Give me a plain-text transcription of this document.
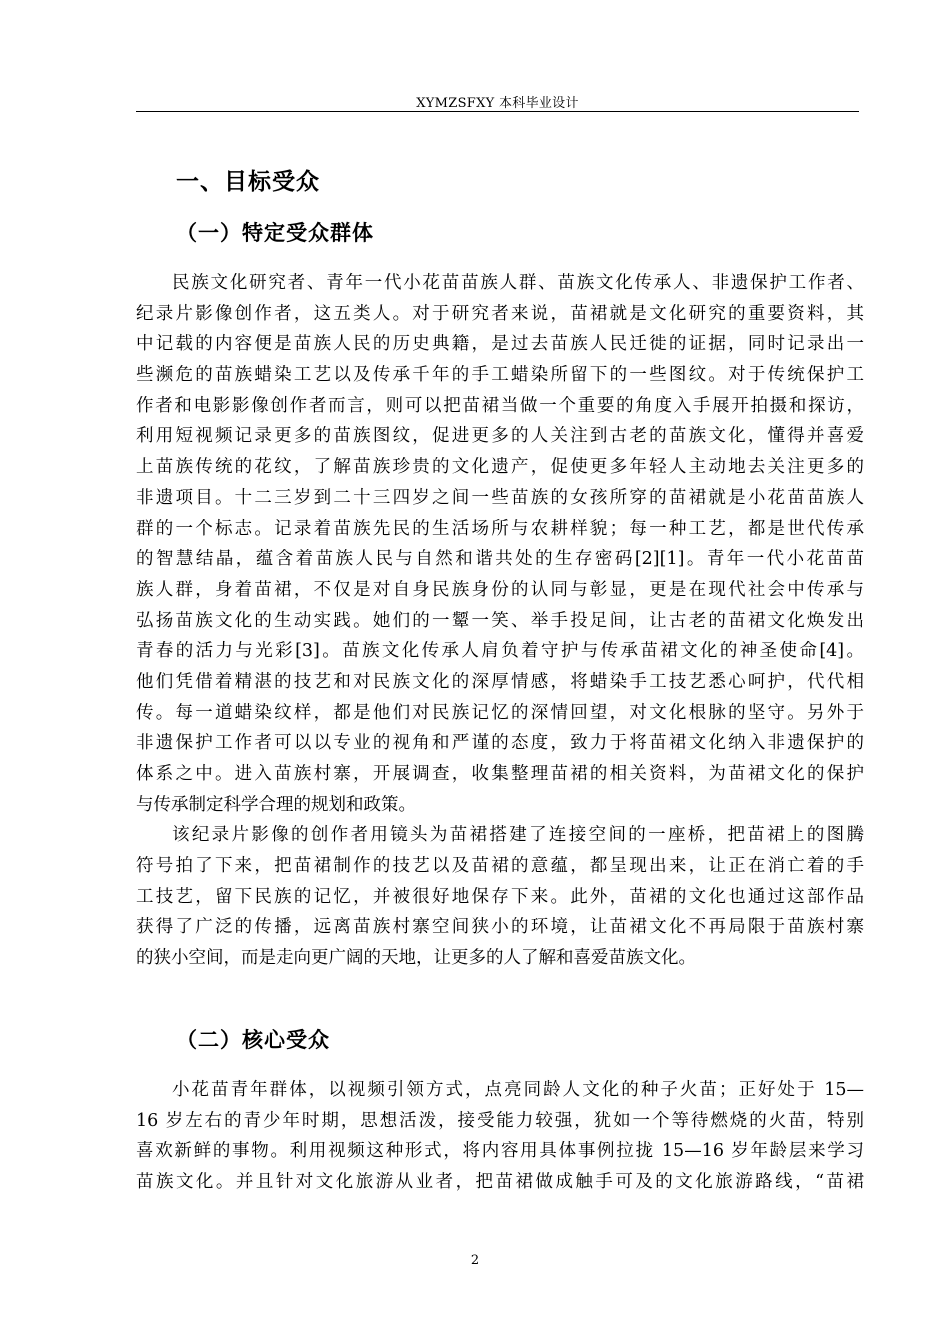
XYMZSFXY 本科毕业设计
一、目标受众
（一）特定受众群体
民族文化研究者、青年一代小花苗苗族人群、苗族文化传承人、非遗保护工作者、
纪录片影像创作者，这五类人。对于研究者来说，苗裙就是文化研究的重要资料，其
中记载的内容便是苗族人民的历史典籍，是过去苗族人民迁徙的证据，同时记录出一
些濒危的苗族蜡染工艺以及传承千年的手工蜡染所留下的一些图纹。对于传统保护工
作者和电影影像创作者而言，则可以把苗裙当做一个重要的角度入手展开拍摄和探访，
利用短视频记录更多的苗族图纹，促进更多的人关注到古老的苗族文化，懂得并喜爱
上苗族传统的花纹，了解苗族珍贵的文化遗产，促使更多年轻人主动地去关注更多的
非遗项目。十二三岁到二十三四岁之间一些苗族的女孩所穿的苗裙就是小花苗苗族人
群的一个标志。记录着苗族先民的生活场所与农耕样貌；每一种工艺，都是世代传承
的智慧结晶，蕴含着苗族人民与自然和谐共处的生存密码[2][1]。青年一代小花苗苗
族人群，身着苗裙，不仅是对自身民族身份的认同与彰显，更是在现代社会中传承与
弘扬苗族文化的生动实践。她们的一颦一笑、举手投足间，让古老的苗裙文化焕发出
青春的活力与光彩[3]。苗族文化传承人肩负着守护与传承苗裙文化的神圣使命[4]。
他们凭借着精湛的技艺和对民族文化的深厚情感，将蜡染手工技艺悉心呵护，代代相
传。每一道蜡染纹样，都是他们对民族记忆的深情回望，对文化根脉的坚守。另外于
非遗保护工作者可以以专业的视角和严谨的态度，致力于将苗裙文化纳入非遗保护的
体系之中。进入苗族村寨，开展调查，收集整理苗裙的相关资料，为苗裙文化的保护
与传承制定科学合理的规划和政策。
该纪录片影像的创作者用镜头为苗裙搭建了连接空间的一座桥，把苗裙上的图腾
符号拍了下来，把苗裙制作的技艺以及苗裙的意蕴，都呈现出来，让正在消亡着的手
工技艺，留下民族的记忆，并被很好地保存下来。此外，苗裙的文化也通过这部作品
获得了广泛的传播，远离苗族村寨空间狭小的环境，让苗裙文化不再局限于苗族村寨
的狭小空间，而是走向更广阔的天地，让更多的人了解和喜爱苗族文化。
（二）核心受众
小花苗青年群体，以视频引领方式，点亮同龄人文化的种子火苗；正好处于 15—
16 岁左右的青少年时期，思想活泼，接受能力较强，犹如一个等待燃烧的火苗，特别
喜欢新鲜的事物。利用视频这种形式，将内容用具体事例拉拢 15—16 岁年龄层来学习
苗族文化。并且针对文化旅游从业者，把苗裙做成触手可及的文化旅游路线，“苗裙
2
